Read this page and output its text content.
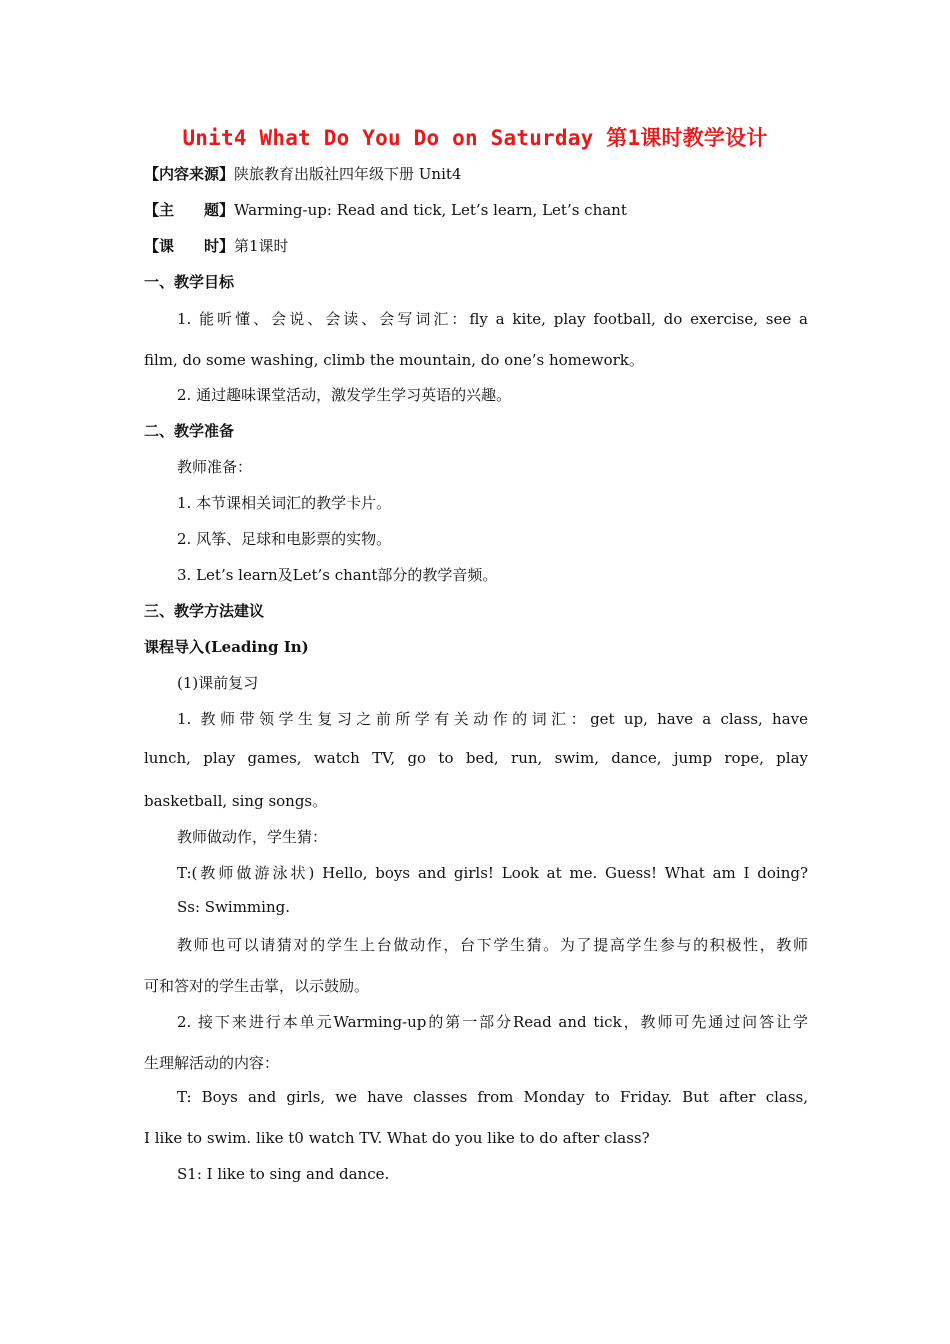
Unit4 What Do You Do on Saturday 第1课时教学设计
【内容来源】陕旅教育出版社四年级下册 Unit4
【主　　题】Warming-up: Read and tick, Let’s learn, Let’s chant
【课　　时】第1课时
一、教学目标
1. 能听懂、会说、会读、会写词汇：fly a kite, play football, do exercise, see a
film, do some washing, climb the mountain, do one’s homework。
2. 通过趣味课堂活动，激发学生学习英语的兴趣。
二、教学准备
教师准备：
1. 本节课相关词汇的教学卡片。
2. 风筝、足球和电影票的实物。
3. Let’s learn及Let’s chant部分的教学音频。
三、教学方法建议
课程导入(Leading In)
(1)课前复习
1. 教师带领学生复习之前所学有关动作的词汇：get up, have a class, have
lunch, play games, watch TV, go to bed, run, swim, dance, jump rope, play
basketball, sing songs。
教师做动作，学生猜：
T:(教师做游泳状) Hello, boys and girls! Look at me. Guess! What am I doing?
Ss: Swimming.
教师也可以请猜对的学生上台做动作，台下学生猜。为了提高学生参与的积极性，教师
可和答对的学生击掌，以示鼓励。
2. 接下来进行本单元Warming-up的第一部分Read and tick，教师可先通过问答让学
生理解活动的内容：
T: Boys and girls, we have classes from Monday to Friday. But after class,
I like to swim. like t0 watch TV. What do you like to do after class?
S1: I like to sing and dance.
